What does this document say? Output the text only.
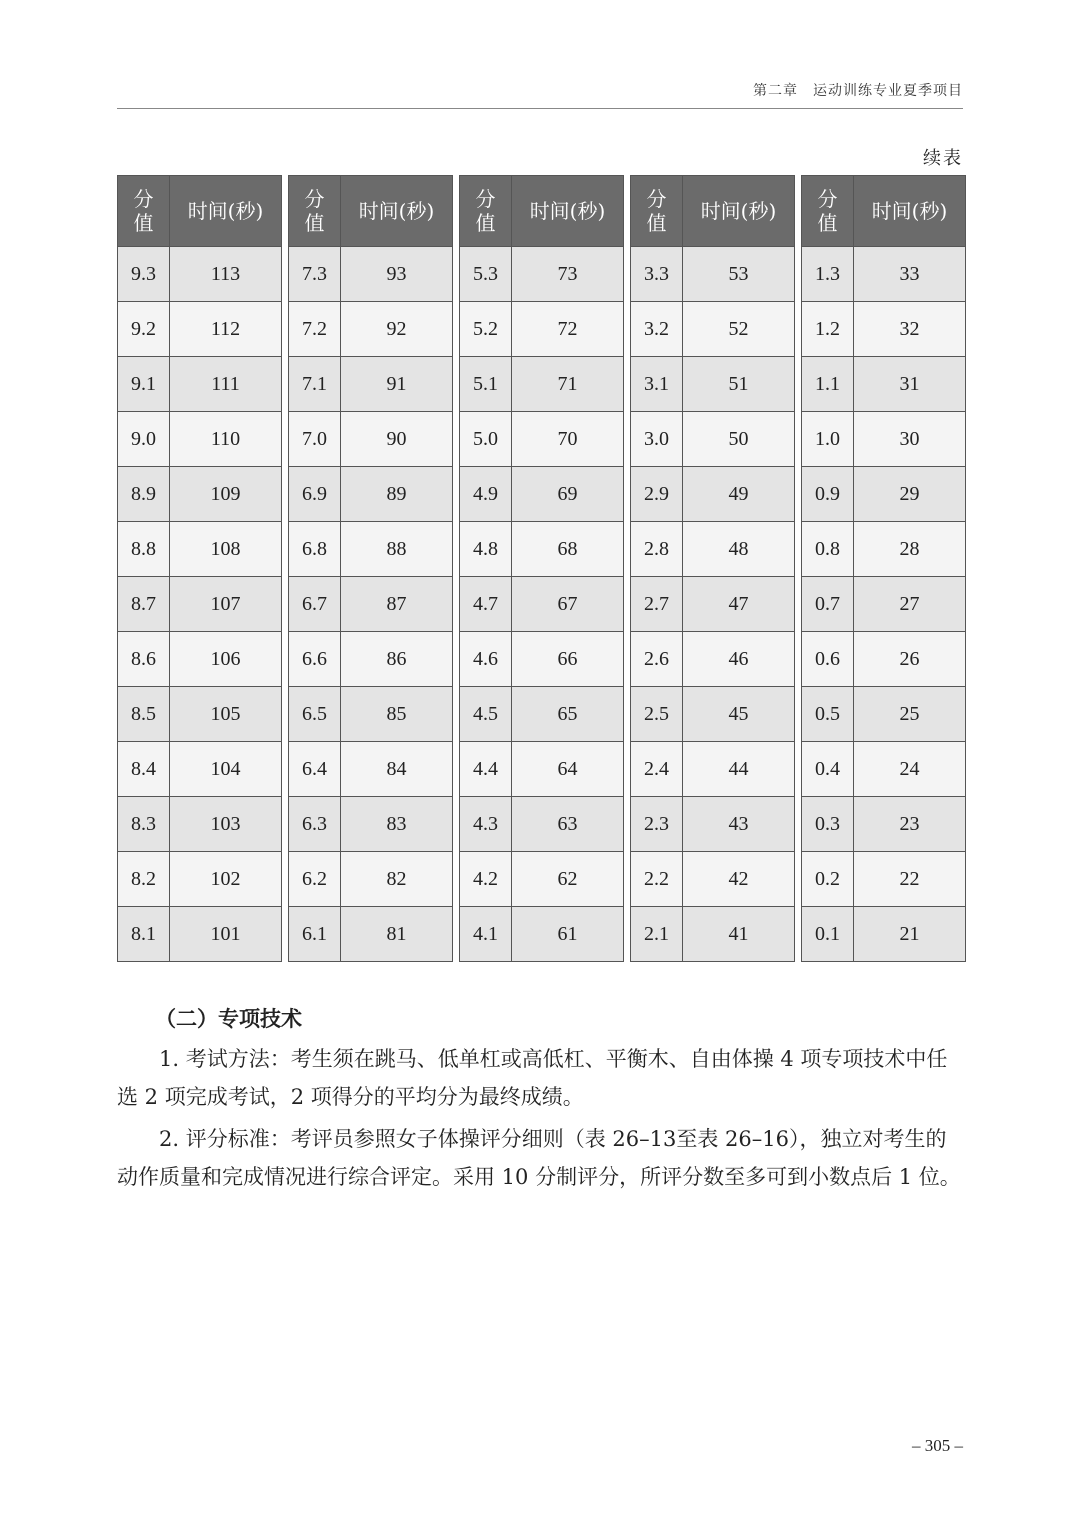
第二章　运动训练专业夏季项目
续表
分
值	时间(秒)
9.3	113
9.2	112
9.1	111
9.0	110
8.9	109
8.8	108
8.7	107
8.6	106
8.5	105
8.4	104
8.3	103
8.2	102
8.1	101
分
值	时间(秒)
7.3	93
7.2	92
7.1	91
7.0	90
6.9	89
6.8	88
6.7	87
6.6	86
6.5	85
6.4	84
6.3	83
6.2	82
6.1	81
分
值	时间(秒)
5.3	73
5.2	72
5.1	71
5.0	70
4.9	69
4.8	68
4.7	67
4.6	66
4.5	65
4.4	64
4.3	63
4.2	62
4.1	61
分
值	时间(秒)
3.3	53
3.2	52
3.1	51
3.0	50
2.9	49
2.8	48
2.7	47
2.6	46
2.5	45
2.4	44
2.3	43
2.2	42
2.1	41
分
值	时间(秒)
1.3	33
1.2	32
1.1	31
1.0	30
0.9	29
0.8	28
0.7	27
0.6	26
0.5	25
0.4	24
0.3	23
0.2	22
0.1	21
（二）专项技术
1. 考试方法：考生须在跳马、低单杠或高低杠、平衡木、自由体操 4 项专项技术中任选 2 项完成考试，2 项得分的平均分为最终成绩。
2. 评分标准：考评员参照女子体操评分细则（表 26–13至表 26–16），独立对考生的动作质量和完成情况进行综合评定。采用 10 分制评分，所评分数至多可到小数点后 1 位。
– 305 –
